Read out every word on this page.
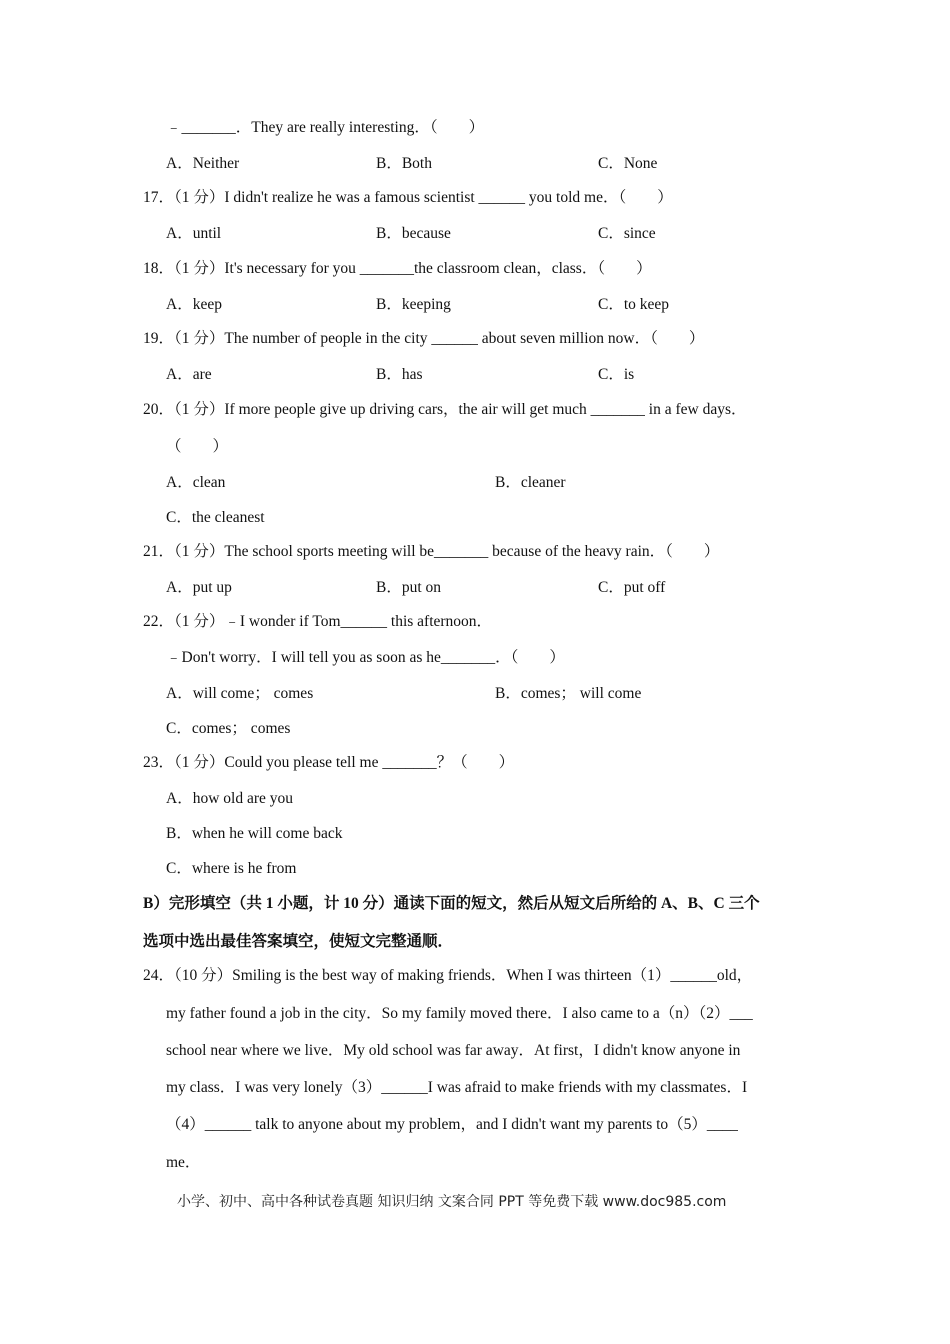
﹣_______．They are really interesting．（　　）
A．Neither	B．Both	C．None
17．（1 分）I didn't realize he was a famous scientist ______ you told me．（　　）
A．until	B．because	C．since
18．（1 分）It's necessary for you _______the classroom clean，class．（　　）
A．keep	B．keeping	C．to keep
19．（1 分）The number of people in the city ______ about seven million now．（　　）
A．are	B．has	C．is
20．（1 分）If more people give up driving cars，the air will get much _______ in a few days．
（　　）
A．clean	B．cleaner
C．the cleanest
21．（1 分）The school sports meeting will be_______ because of the heavy rain．（　　）
A．put up	B．put on	C．put off
22．（1 分）﹣I wonder if Tom______ this afternoon．
﹣Don't worry．I will tell you as soon as he_______．（　　）
A．will come； comes	B．comes； will come
C．comes； comes
23．（1 分）Could you please tell me _______？（　　）
A．how old are you
B．when he will come back
C．where is he from
B）完形填空（共 1 小题，计 10 分）通读下面的短文，然后从短文后所给的 A、B、C 三个
选项中选出最佳答案填空，使短文完整通顺．
24．（10 分）Smiling is the best way of making friends．When I was thirteen（1）______old，
my father found a job in the city．So my family moved there．I also came to a（n）（2）___
school near where we live．My old school was far away．At first，I didn't know anyone in
my class．I was very lonely（3）______I was afraid to make friends with my classmates．I
（4）______ talk to anyone about my problem，and I didn't want my parents to（5）____
me．
小学、初中、高中各种试卷真题 知识归纳 文案合同 PPT 等免费下载 www.doc985.com
